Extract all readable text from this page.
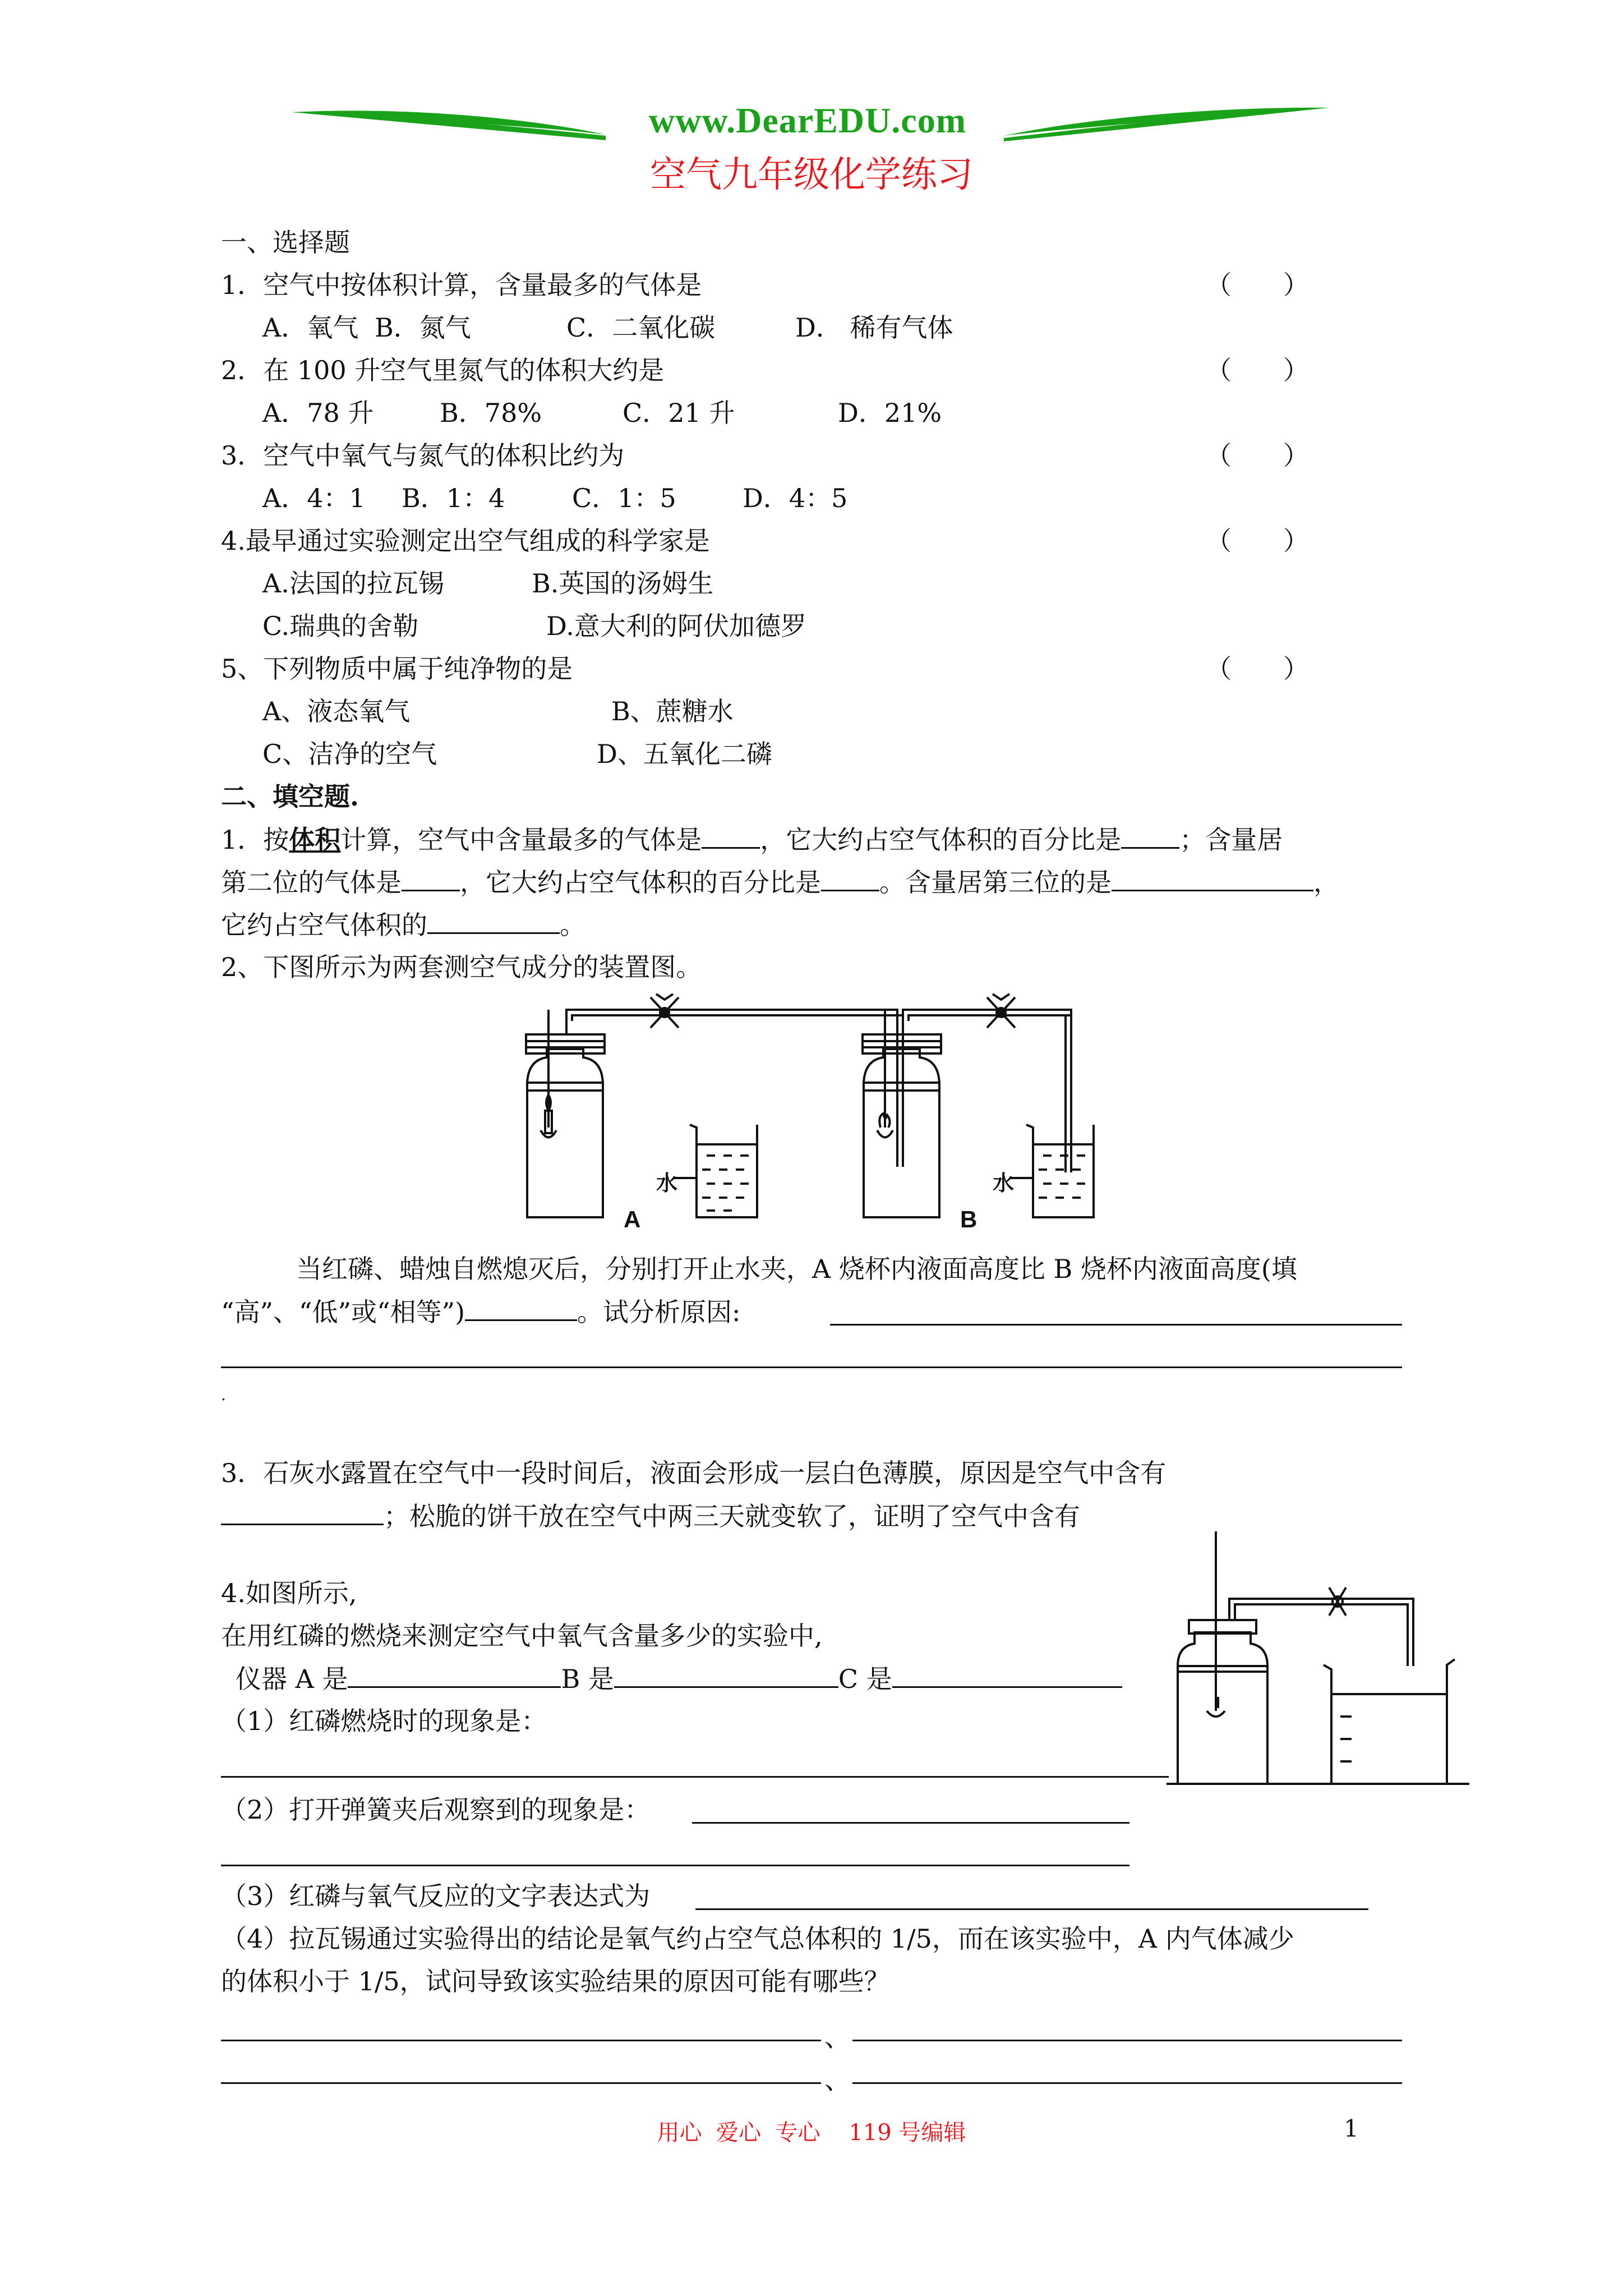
www.DearEDU.com
空气九年级化学练习
一、选择题
1．空气中按体积计算，含量最多的气体是	（　　）
A．氧气 B．氮气	C．二氧化碳	D． 稀有气体
2．在 100 升空气里氮气的体积大约是	（　　）
A．78 升	B．78%	C．21 升	D．21%
3．空气中氧气与氮气的体积比约为	（　　）
A．4：1 B．1：4	C．1：5	D．4：5
4.最早通过实验测定出空气组成的科学家是	（　　）
A.法国的拉瓦锡	B.英国的汤姆生
C.瑞典的舍勒	D.意大利的阿伏加德罗
5、下列物质中属于纯净物的是	（　　）
A、液态氧气	B、蔗糖水
C、洁净的空气	D、五氧化二磷
二、填空题.
1．按体积计算，空气中含量最多的气体是 ，它大约占空气体积的百分比是 ；含量居
第二位的气体是 ，它大约占空气体积的百分比是 。含量居第三位的是	，
它约占空气体积的	。
2、下图所示为两套测空气成分的装置图。
水	水
A	B
当红磷、蜡烛自燃熄灭后，分别打开止水夹，A 烧杯内液面高度比 B 烧杯内液面高度(填
“高”、“低”或“相等”)	。试分析原因:
.
3．石灰水露置在空气中一段时间后，液面会形成一层白色薄膜，原因是空气中含有
；松脆的饼干放在空气中两三天就变软了，证明了空气中含有
4.如图所示,
在用红磷的燃烧来测定空气中氧气含量多少的实验中,
仪器 A 是	B 是	C 是
（1）红磷燃烧时的现象是：
（2）打开弹簧夹后观察到的现象是：
（3）红磷与氧气反应的文字表达式为
（4）拉瓦锡通过实验得出的结论是氧气约占空气总体积的 1/5，而在该实验中，A 内气体减少
的体积小于 1/5，试问导致该实验结果的原因可能有哪些？
、
、
用心  爱心  专心    119 号编辑	1
